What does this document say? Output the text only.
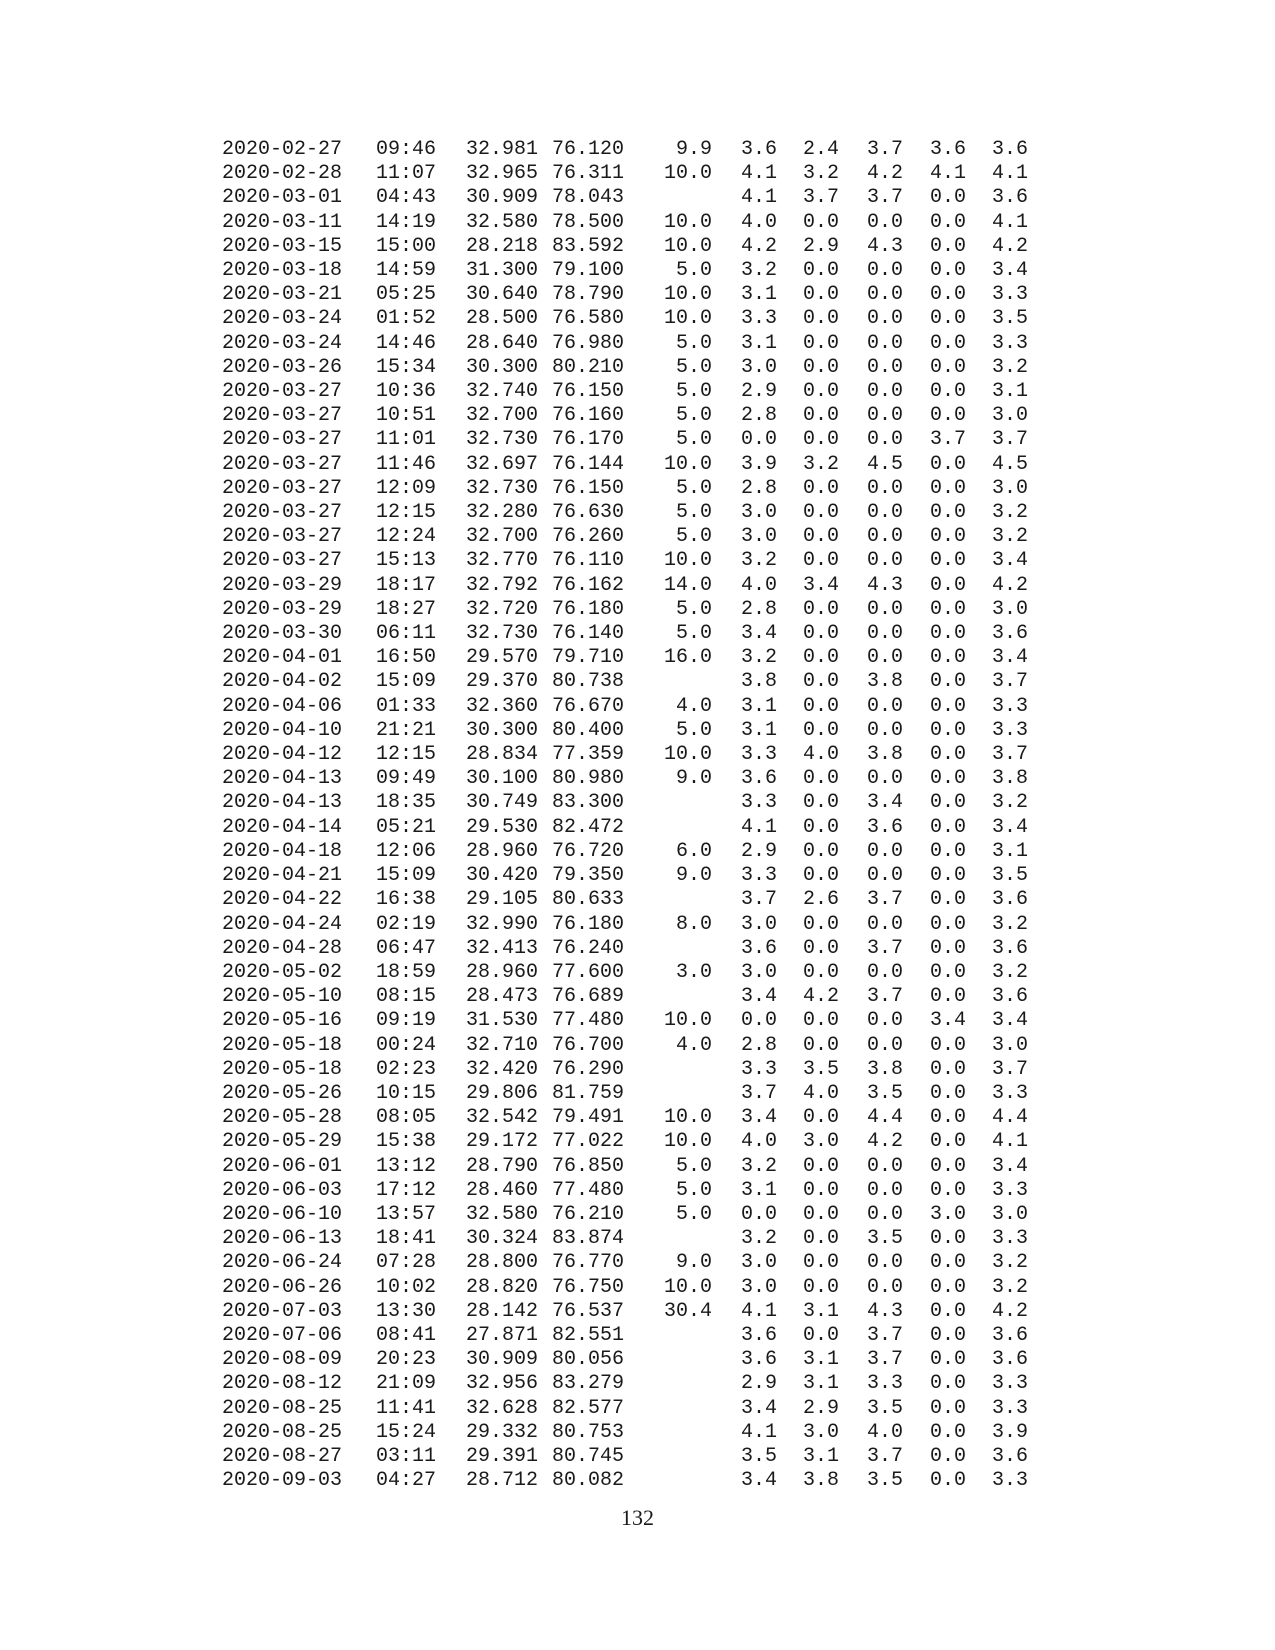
2020-02-27	09:46	32.981	76.120	9.9	3.6	2.4	3.7	3.6	3.6
2020-02-28	11:07	32.965	76.311	10.0	4.1	3.2	4.2	4.1	4.1
2020-03-01	04:43	30.909	78.043		4.1	3.7	3.7	0.0	3.6
2020-03-11	14:19	32.580	78.500	10.0	4.0	0.0	0.0	0.0	4.1
2020-03-15	15:00	28.218	83.592	10.0	4.2	2.9	4.3	0.0	4.2
2020-03-18	14:59	31.300	79.100	5.0	3.2	0.0	0.0	0.0	3.4
2020-03-21	05:25	30.640	78.790	10.0	3.1	0.0	0.0	0.0	3.3
2020-03-24	01:52	28.500	76.580	10.0	3.3	0.0	0.0	0.0	3.5
2020-03-24	14:46	28.640	76.980	5.0	3.1	0.0	0.0	0.0	3.3
2020-03-26	15:34	30.300	80.210	5.0	3.0	0.0	0.0	0.0	3.2
2020-03-27	10:36	32.740	76.150	5.0	2.9	0.0	0.0	0.0	3.1
2020-03-27	10:51	32.700	76.160	5.0	2.8	0.0	0.0	0.0	3.0
2020-03-27	11:01	32.730	76.170	5.0	0.0	0.0	0.0	3.7	3.7
2020-03-27	11:46	32.697	76.144	10.0	3.9	3.2	4.5	0.0	4.5
2020-03-27	12:09	32.730	76.150	5.0	2.8	0.0	0.0	0.0	3.0
2020-03-27	12:15	32.280	76.630	5.0	3.0	0.0	0.0	0.0	3.2
2020-03-27	12:24	32.700	76.260	5.0	3.0	0.0	0.0	0.0	3.2
2020-03-27	15:13	32.770	76.110	10.0	3.2	0.0	0.0	0.0	3.4
2020-03-29	18:17	32.792	76.162	14.0	4.0	3.4	4.3	0.0	4.2
2020-03-29	18:27	32.720	76.180	5.0	2.8	0.0	0.0	0.0	3.0
2020-03-30	06:11	32.730	76.140	5.0	3.4	0.0	0.0	0.0	3.6
2020-04-01	16:50	29.570	79.710	16.0	3.2	0.0	0.0	0.0	3.4
2020-04-02	15:09	29.370	80.738		3.8	0.0	3.8	0.0	3.7
2020-04-06	01:33	32.360	76.670	4.0	3.1	0.0	0.0	0.0	3.3
2020-04-10	21:21	30.300	80.400	5.0	3.1	0.0	0.0	0.0	3.3
2020-04-12	12:15	28.834	77.359	10.0	3.3	4.0	3.8	0.0	3.7
2020-04-13	09:49	30.100	80.980	9.0	3.6	0.0	0.0	0.0	3.8
2020-04-13	18:35	30.749	83.300		3.3	0.0	3.4	0.0	3.2
2020-04-14	05:21	29.530	82.472		4.1	0.0	3.6	0.0	3.4
2020-04-18	12:06	28.960	76.720	6.0	2.9	0.0	0.0	0.0	3.1
2020-04-21	15:09	30.420	79.350	9.0	3.3	0.0	0.0	0.0	3.5
2020-04-22	16:38	29.105	80.633		3.7	2.6	3.7	0.0	3.6
2020-04-24	02:19	32.990	76.180	8.0	3.0	0.0	0.0	0.0	3.2
2020-04-28	06:47	32.413	76.240		3.6	0.0	3.7	0.0	3.6
2020-05-02	18:59	28.960	77.600	3.0	3.0	0.0	0.0	0.0	3.2
2020-05-10	08:15	28.473	76.689		3.4	4.2	3.7	0.0	3.6
2020-05-16	09:19	31.530	77.480	10.0	0.0	0.0	0.0	3.4	3.4
2020-05-18	00:24	32.710	76.700	4.0	2.8	0.0	0.0	0.0	3.0
2020-05-18	02:23	32.420	76.290		3.3	3.5	3.8	0.0	3.7
2020-05-26	10:15	29.806	81.759		3.7	4.0	3.5	0.0	3.3
2020-05-28	08:05	32.542	79.491	10.0	3.4	0.0	4.4	0.0	4.4
2020-05-29	15:38	29.172	77.022	10.0	4.0	3.0	4.2	0.0	4.1
2020-06-01	13:12	28.790	76.850	5.0	3.2	0.0	0.0	0.0	3.4
2020-06-03	17:12	28.460	77.480	5.0	3.1	0.0	0.0	0.0	3.3
2020-06-10	13:57	32.580	76.210	5.0	0.0	0.0	0.0	3.0	3.0
2020-06-13	18:41	30.324	83.874		3.2	0.0	3.5	0.0	3.3
2020-06-24	07:28	28.800	76.770	9.0	3.0	0.0	0.0	0.0	3.2
2020-06-26	10:02	28.820	76.750	10.0	3.0	0.0	0.0	0.0	3.2
2020-07-03	13:30	28.142	76.537	30.4	4.1	3.1	4.3	0.0	4.2
2020-07-06	08:41	27.871	82.551		3.6	0.0	3.7	0.0	3.6
2020-08-09	20:23	30.909	80.056		3.6	3.1	3.7	0.0	3.6
2020-08-12	21:09	32.956	83.279		2.9	3.1	3.3	0.0	3.3
2020-08-25	11:41	32.628	82.577		3.4	2.9	3.5	0.0	3.3
2020-08-25	15:24	29.332	80.753		4.1	3.0	4.0	0.0	3.9
2020-08-27	03:11	29.391	80.745		3.5	3.1	3.7	0.0	3.6
2020-09-03	04:27	28.712	80.082		3.4	3.8	3.5	0.0	3.3
132
